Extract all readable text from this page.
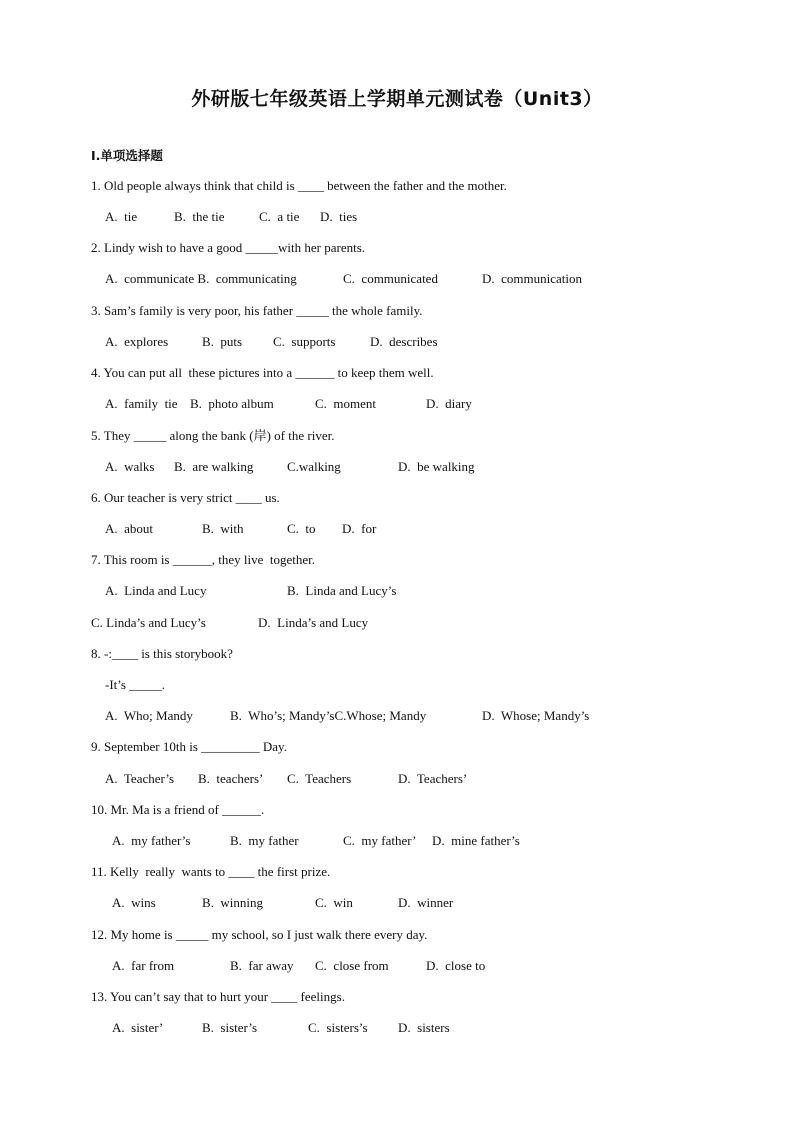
外研版七年级英语上学期单元测试卷（Unit3）
I.单项选择题
1. Old people always think that child is ____ between the father and the mother.
A.  tie	B.  the tie	C.  a tie D.  ties
2. Lindy wish to have a good _____with her parents.
A.  communicate B.  communicating	C.  communicated	D.  communication
3. Sam’s family is very poor, his father _____ the whole family.
A.  explores	B.  puts C.  supports	D.  describes
4. You can put all  these pictures into a ______ to keep them well.
A.  family  tie B.  photo album	C.  moment	D.  diary
5. They _____ along the bank (岸) of the river.
A.  walks B.  are walking	C.walking	D.  be walking
6. Our teacher is very strict ____ us.
A.  about	B.  with	C.  to D.  for
7. This room is ______, they live  together.
A.  Linda and Lucy	B.  Linda and Lucy’s
C. Linda’s and Lucy’s	D.  Linda’s and Lucy
8. -:____ is this storybook?
-It’s _____.
A.  Who; Mandy	B.  Who’s; Mandy’sC.Whose; Mandy	D.  Whose; Mandy’s
9. September 10th is _________ Day.
A.  Teacher’s B.  teachers’ C.  Teachers	D.  Teachers’
10. Mr. Ma is a friend of ______.
A.  my father’s	B.  my father	C.  my father’ D.  mine father’s
11. Kelly  really  wants to ____ the first prize.
A.  wins	B.  winning	C.  win	D.  winner
12. My home is _____ my school, so I just walk there every day.
A.  far from	B.  far away C.  close from	D.  close to
13. You can’t say that to hurt your ____ feelings.
A.  sister’	B.  sister’s	C.  sisters’s D.  sisters
